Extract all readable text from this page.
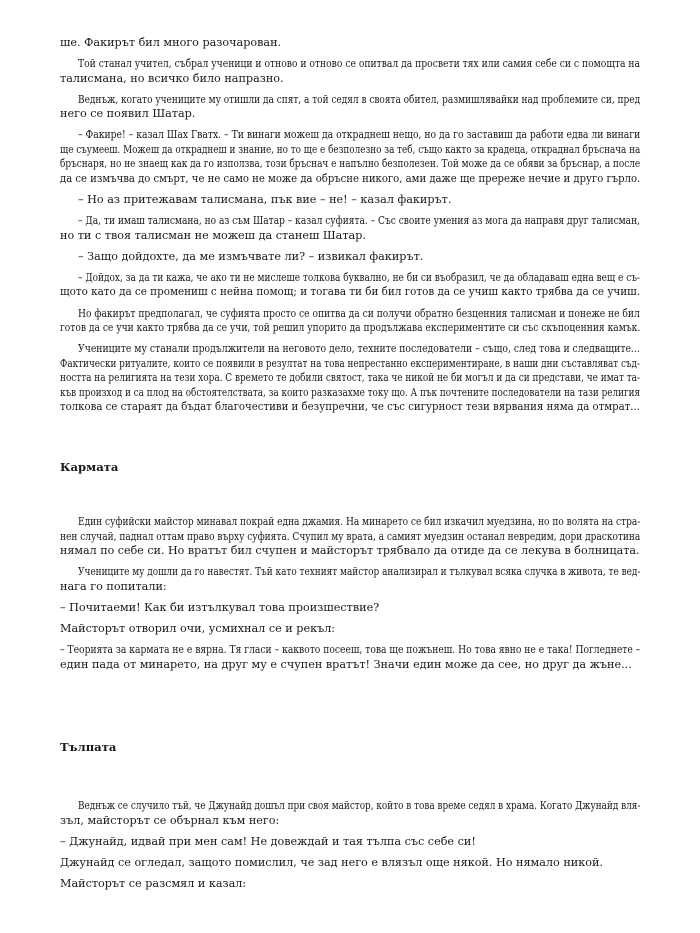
ше. Факирът бил много разочарован.

Той станал учител, събрал ученици и отново и отново се опитвал да просвети тях или самия себе си с помощта на

талисмана, но всичко било напразно.

Веднъж, когато учениците му отишли да спят, а той седял в своята обител, размишлявайки над проблемите си, пред

него се появил Шатар.

– Факире! – казал Шах Гватх. – Ти винаги можеш да откраднеш нещо, но да го заставиш да работи едва ли винаги

ще съумееш. Можеш да откраднеш и знание, но то ще е безполезно за теб, също както за крадеца, откраднал бръснача на

бръснаря, но не знаещ как да го използва, този бръснач е напълно безполезен. Той може да се обяви за бръснар, а после

да се измъчва до смърт, че не само не може да обръсне никого, ами даже ще прережe нечие и друго гърло.

– Но аз притежавам талисмана, пък вие – не! – казал факирът.

– Да, ти имаш талисмана, но аз съм Шатар – казал суфията. – Със своите умения аз мога да направя друг талисман,

но ти с твоя талисман не можеш да станеш Шатар.

– Защо дойдохте, да ме измъчвате ли? – извикал факирът.

– Дойдох, за да ти кажа, че ако ти не мислеше толкова буквално, не би си въобразил, че да обладаваш една вещ е съ-

щото като да се промениш с нейна помощ; и тогава ти би бил готов да се учиш както трябва да се учиш.

Но факирът предполагал, че суфията просто се опитва да си получи обратно безценния талисман и понеже не бил

готов да се учи както трябва да се учи, той решил упорито да продължава експериментите си със скъпоценния камък.

Учениците му станали продължители на неговото дело, техните последователи – също, след това и следващите...

Фактически ритуалите, които се появили в резултат на това непрестанно експериментиране, в наши дни съставляват съд-

ността на религията на тези хора. С времето те добили святост, така че никой не би могъл и да си представи, че имат та-

къв произход и са плод на обстоятелствата, за които разказахме току що. А пък почтените последователи на тази религия

толкова се стараят да бъдат благочестиви и безупречни, че със сигурност тези вярвания няма да отмрат...

Кармата

Един суфийски майстор минавал покрай една джамия. На минарето се бил изкачил муедзина, но по волята на стра-

нен случай, паднал оттам право върху суфията. Счупил му врата, а самият муедзин останал невредим, дори драскотина

нямал по себе си. Но вратът бил счупен и майсторът трябвало да отиде да се лекува в болницата.

Учениците му дошли да го навестят. Тъй като техният майстор анализирал и тълкувал всяка случка в живота, те вед-

нага го попитали:

– Почитаеми! Как би изтълкувал това произшествие?

Майсторът отворил очи, усмихнал се и рекъл:

– Теорията за кармата не е вярна. Тя гласи – каквото посееш, това ще пожънеш. Но това явно не е така! Погледнете –

един пада от минарето, на друг му е счупен вратът! Значи един може да сее, но друг да жъне...

Тълпата

Веднъж се случило тъй, че Джунайд дошъл при своя майстор, който в това време седял в храма. Когато Джунайд вля-

зъл, майсторът се обърнал към него:

– Джунайд, идвай при мен сам! Не довеждай и тая тълпа със себе си!

Джунайд се огледал, защото помислил, че зад него е влязъл още някой. Но нямало никой.

Майсторът се разсмял и казал:
